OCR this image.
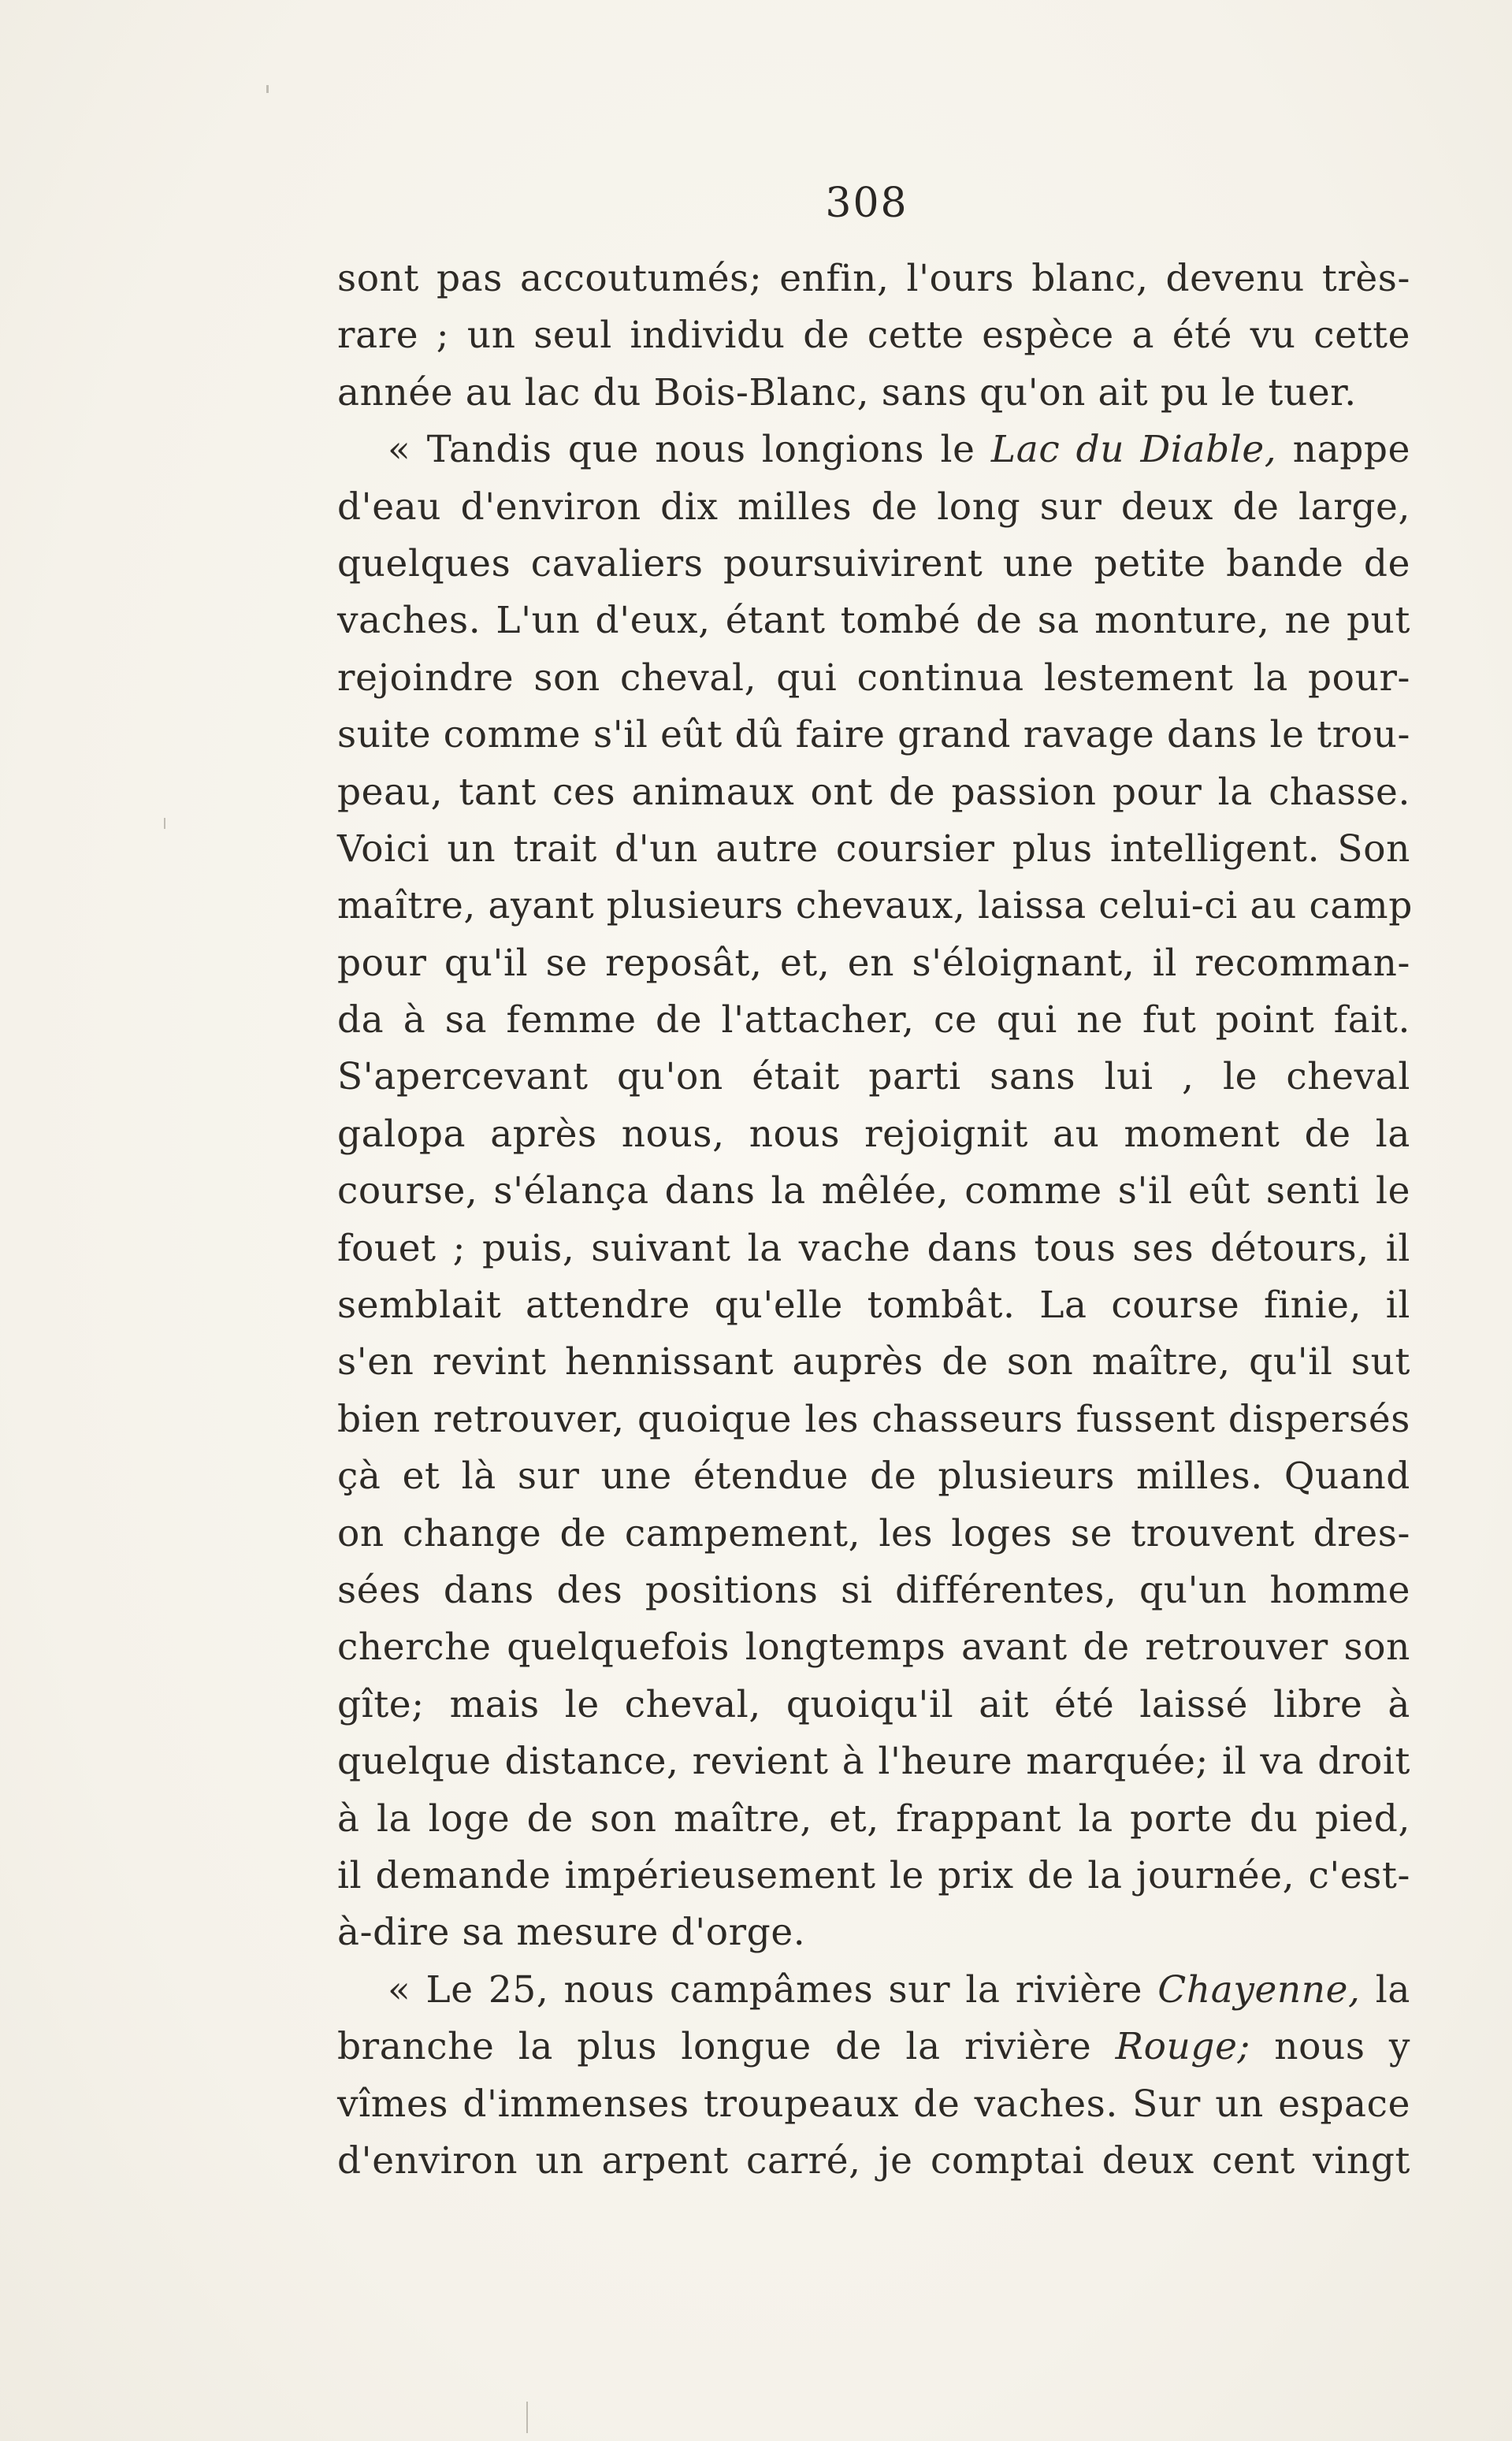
308
sont pas accoutumés; enfin, l'ours blanc, devenu très-
rare ; un seul individu de cette espèce a été vu cette
année au lac du Bois-Blanc, sans qu'on ait pu le tuer.
« Tandis que nous longions le Lac du Diable, nappe
d'eau d'environ dix milles de long sur deux de large,
quelques cavaliers poursuivirent une petite bande de
vaches. L'un d'eux, étant tombé de sa monture, ne put
rejoindre son cheval, qui continua lestement la pour-
suite comme s'il eût dû faire grand ravage dans le trou-
peau, tant ces animaux ont de passion pour la chasse.
Voici un trait d'un autre coursier plus intelligent. Son
maître, ayant plusieurs chevaux, laissa celui-ci au camp
pour qu'il se reposât, et, en s'éloignant, il recomman-
da à sa femme de l'attacher, ce qui ne fut point fait.
S'apercevant qu'on était parti sans lui , le cheval
galopa après nous, nous rejoignit au moment de la
course, s'élança dans la mêlée, comme s'il eût senti le
fouet ; puis, suivant la vache dans tous ses détours, il
semblait attendre qu'elle tombât. La course finie, il
s'en revint hennissant auprès de son maître, qu'il sut
bien retrouver, quoique les chasseurs fussent dispersés
çà et là sur une étendue de plusieurs milles. Quand
on change de campement, les loges se trouvent dres-
sées dans des positions si différentes, qu'un homme
cherche quelquefois longtemps avant de retrouver son
gîte; mais le cheval, quoiqu'il ait été laissé libre à
quelque distance, revient à l'heure marquée; il va droit
à la loge de son maître, et, frappant la porte du pied,
il demande impérieusement le prix de la journée, c'est-
à-dire sa mesure d'orge.
« Le 25, nous campâmes sur la rivière Chayenne, la
branche la plus longue de la rivière Rouge; nous y
vîmes d'immenses troupeaux de vaches. Sur un espace
d'environ un arpent carré, je comptai deux cent vingt
